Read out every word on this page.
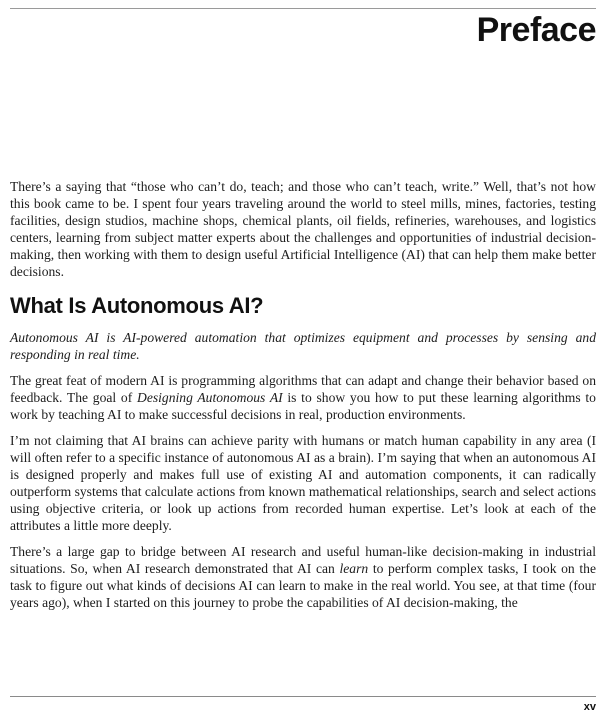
Preface

There’s a saying that “those who can’t do, teach; and those who can’t teach, write.” Well, that’s not how this book came to be. I spent four years traveling around the world to steel mills, mines, factories, testing facilities, design studios, machine shops, chemical plants, oil fields, refineries, warehouses, and logistics centers, learning from subject matter experts about the challenges and opportunities of industrial decision-making, then working with them to design useful Artificial Intelligence (AI) that can help them make better decisions.

What Is Autonomous AI?

Autonomous AI is AI-powered automation that optimizes equipment and processes by sensing and responding in real time.

The great feat of modern AI is programming algorithms that can adapt and change their behavior based on feedback. The goal of Designing Autonomous AI is to show you how to put these learning algorithms to work by teaching AI to make successful decisions in real, production environments.

I’m not claiming that AI brains can achieve parity with humans or match human capability in any area (I will often refer to a specific instance of autonomous AI as a brain). I’m saying that when an autonomous AI is designed properly and makes full use of existing AI and automation components, it can radically outperform systems that calculate actions from known mathematical relationships, search and select actions using objective criteria, or look up actions from recorded human expertise. Let’s look at each of the attributes a little more deeply.

There’s a large gap to bridge between AI research and useful human-like decision-making in industrial situations. So, when AI research demonstrated that AI can learn to perform complex tasks, I took on the task to figure out what kinds of decisions AI can learn to make in the real world. You see, at that time (four years ago), when I started on this journey to probe the capabilities of AI decision-making, the

xv
